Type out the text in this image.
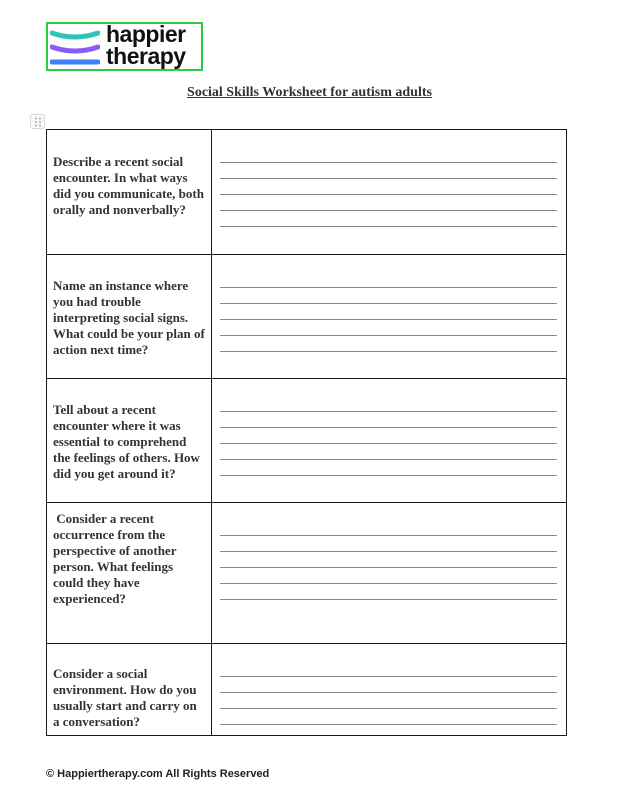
happier
therapy
Social Skills Worksheet for autism adults
Describe a recent social encounter. In what ways did you communicate, both orally and nonverbally?	

Name an instance where you had trouble interpreting social signs. What could be your plan of action next time?	

Tell about a recent encounter where it was essential to comprehend the feelings of others. How did you get around it?	

Consider a recent occurrence from the perspective of another person. What feelings could they have experienced?	

Consider a social environment. How do you usually start and carry on a conversation?	

© Happiertherapy.com All Rights Reserved
